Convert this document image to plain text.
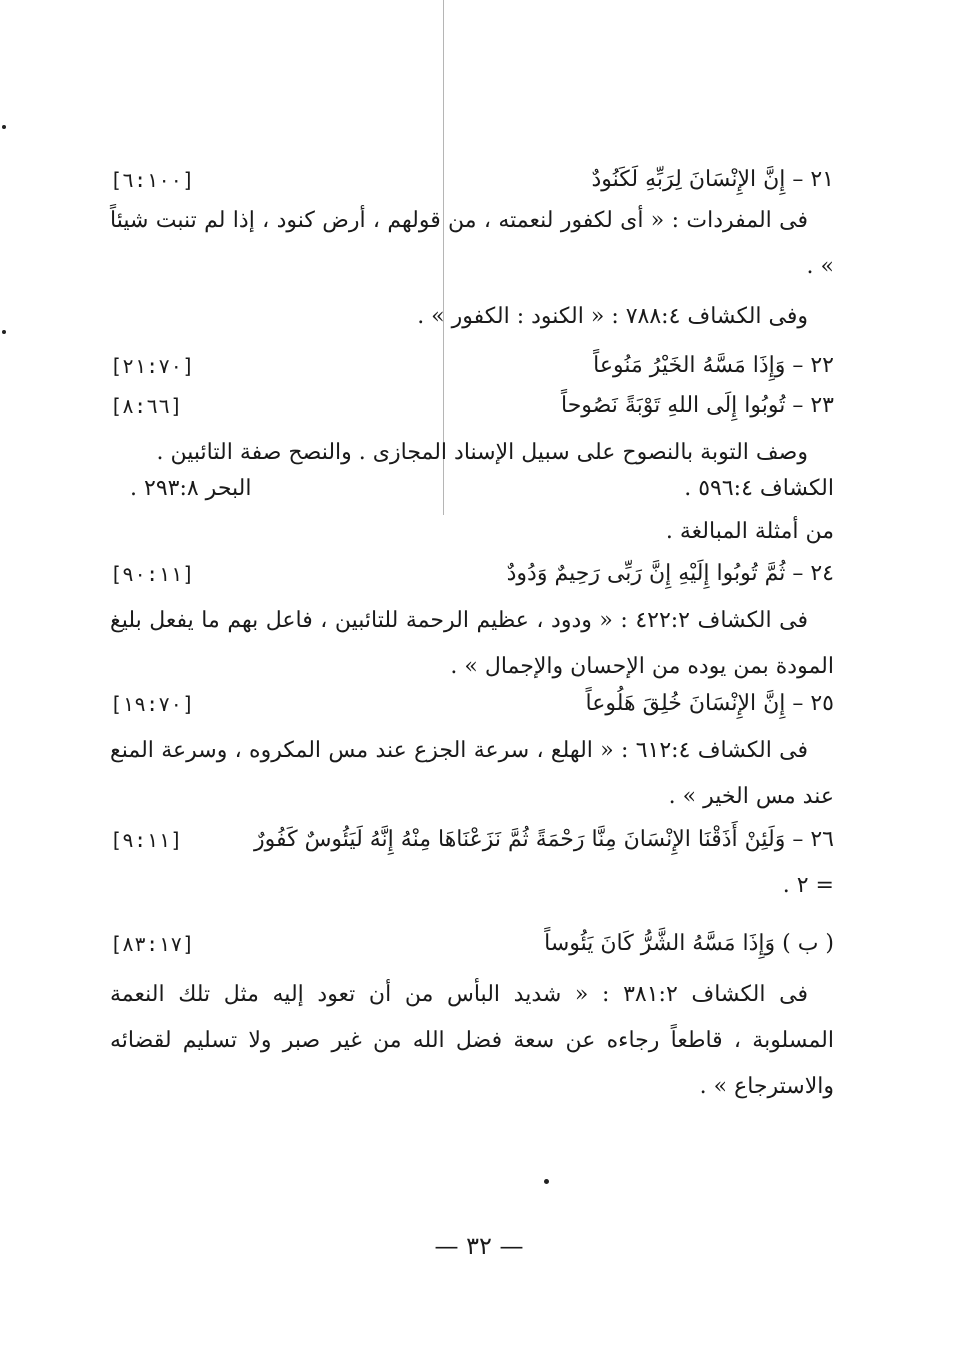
٢١ – إِنَّ الإِنْسَانَ لِرَبِّهِ لَكَنُودٌ
[٦:١٠٠]
فى المفردات : « أى لكفور لنعمته ، من قولهم ، أرض كنود ، إذا لم تنبت شيئاً » .
وفى الكشاف ٧٨٨:٤ : « الكنود : الكفور » .
٢٢ – وَإِذَا مَسَّهُ الخَيْرُ مَنُوعاً
[٢١:٧٠]
٢٣ – تُوبُوا إِلَى اللهِ تَوْبَةً نَصُوحاً
[٨:٦٦]
وصف التوبة بالنصوح على سبيل الإسناد المجازى . والنصح صفة التائبين .
الكشاف ٥٩٦:٤ .
البحر ٢٩٣:٨ .
من أمثلة المبالغة .
٢٤ – ثُمَّ تُوبُوا إِلَيْهِ إِنَّ رَبِّى رَحِيمٌ وَدُودٌ
[٩٠:١١]
فى الكشاف ٤٢٢:٢ : « ودود ، عظيم الرحمة للتائبين ، فاعل بهم ما يفعل بليغ المودة بمن يوده من الإحسان والإجمال » .
٢٥ – إِنَّ الإِنْسَانَ خُلِقَ هَلُوعاً
[١٩:٧٠]
فى الكشاف ٦١٢:٤ : « الهلع ، سرعة الجزع عند مس المكروه ، وسرعة المنع عند مس الخير » .
٢٦ – وَلَئِنْ أَذَقْنَا الإِنْسَانَ مِنَّا رَحْمَةً ثُمَّ نَزَعْنَاهَا مِنْهُ إِنَّهُ لَيَئُوسٌ كَفُورٌ
[٩:١١]
= ٢ .
( ب ) وَإِذَا مَسَّهُ الشَّرُّ كَانَ يَئُوساً
[٨٣:١٧]
فى الكشاف ٣٨١:٢ : « شديد البأس من أن تعود إليه مثل تلك النعمة المسلوبة ، قاطعاً رجاءه عن سعة فضل الله من غير صبر ولا تسليم لقضائه والاسترجاع » .
— ٣٢ —
